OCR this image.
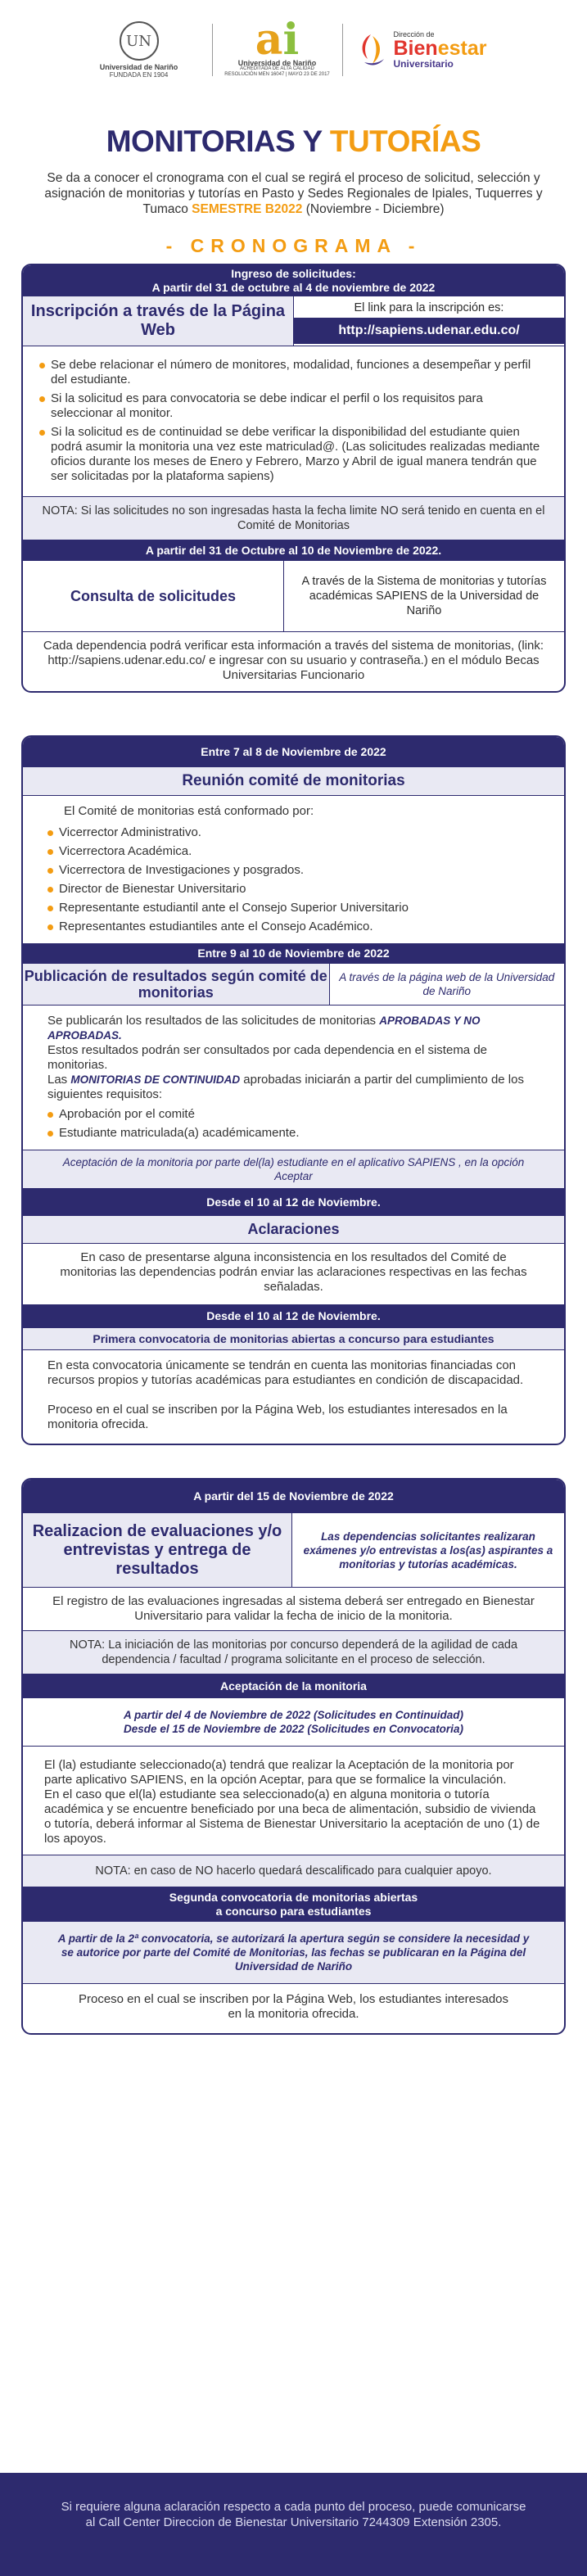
UN
Universidad de Nariño
FUNDADA EN 1904
ai
Universidad de Nariño
ACREDITADA DE ALTA CALIDAD
RESOLUCIÓN MEN 16047 | MAYO 23 DE 2017
Dirección de
Bienestar
Universitario
MONITORIAS Y TUTORÍAS
Se da a conocer el cronograma con el cual se regirá el proceso de solicitud, selección y asignación de monitorias y tutorías en Pasto y Sedes Regionales de Ipiales, Tuquerres y Tumaco SEMESTRE B2022 (Noviembre - Diciembre)
- CRONOGRAMA -
Ingreso de solicitudes:
A partir del 31 de octubre al 4 de noviembre de 2022
Inscripción a través de la Página Web
El link para la inscripción es:
http://sapiens.udenar.edu.co/
Se debe relacionar el número de monitores, modalidad, funciones a desempeñar y perfil del estudiante.
Si la solicitud es para convocatoria se debe indicar el perfil o los requisitos para seleccionar al monitor.
Si la solicitud es de continuidad se debe verificar la disponibilidad del estudiante quien podrá asumir la monitoria una vez este matriculad@. (Las solicitudes realizadas mediante oficios durante los meses de Enero y Febrero, Marzo y Abril de igual manera tendrán que ser solicitadas por la plataforma sapiens)
NOTA: Si las solicitudes no son ingresadas hasta la fecha limite NO será tenido en cuenta en el Comité de Monitorias
A partir del 31 de Octubre al 10 de Noviembre de 2022.
Consulta de solicitudes
A través de la Sistema de monitorias y tutorías académicas SAPIENS de la Universidad de Nariño
Cada dependencia podrá verificar esta información a través del sistema de monitorias, (link: http://sapiens.udenar.edu.co/ e ingresar con su usuario y contraseña.) en el módulo Becas Universitarias Funcionario
Entre 7 al 8 de Noviembre de 2022
Reunión comité de monitorias

El Comité de monitorias está conformado por:

Vicerrector Administrativo.
Vicerrectora Académica.
Vicerrectora de Investigaciones y posgrados.
Director de Bienestar Universitario
Representante estudiantil ante el Consejo Superior Universitario
Representantes estudiantiles ante el Consejo Académico.
Entre 9 al 10 de Noviembre de 2022
Publicación de resultados según comité de monitorias
A través de la página web de la Universidad de Nariño

Se publicarán los resultados de las solicitudes de monitorias APROBADAS Y NO APROBADAS.

Estos resultados podrán ser consultados por cada dependencia en el sistema de monitorias.

Las MONITORIAS DE CONTINUIDAD aprobadas iniciarán a partir del cumplimiento de los siguientes requisitos:

Aprobación por el comité
Estudiante matriculada(a) académicamente.
Aceptación de la monitoria por parte del(la) estudiante en el aplicativo SAPIENS , en la opción Aceptar
Desde el 10 al 12 de Noviembre.
Aclaraciones
En caso de presentarse alguna inconsistencia en los resultados del Comité de monitorias las dependencias podrán enviar las aclaraciones respectivas en las fechas señaladas.
Desde el 10 al 12 de Noviembre.
Primera convocatoria de monitorias abiertas a concurso para estudiantes

En esta convocatoria únicamente se tendrán en cuenta las monitorias financiadas con recursos propios y tutorías académicas para estudiantes en condición de discapacidad.

Proceso en el cual se inscriben por la Página Web, los estudiantes interesados en la monitoria ofrecida.

A partir del 15 de Noviembre de 2022
Realizacion de evaluaciones y/o entrevistas y entrega de resultados
Las dependencias solicitantes realizaran exámenes y/o entrevistas a los(as) aspirantes a monitorias y tutorías académicas.
El registro de las evaluaciones ingresadas al sistema deberá ser entregado en Bienestar Universitario para validar la fecha de inicio de la monitoria.
NOTA: La iniciación de las monitorias por concurso dependerá de la agilidad de cada dependencia / facultad / programa solicitante en el proceso de selección.
Aceptación de la monitoria
A partir del 4 de Noviembre de 2022 (Solicitudes en Continuidad)
Desde el 15 de Noviembre de 2022 (Solicitudes en Convocatoria)

El (la) estudiante seleccionado(a) tendrá que realizar la Aceptación de la monitoria por parte aplicativo SAPIENS, en la opción Aceptar, para que se formalice la vinculación.

En el caso que el(la) estudiante sea seleccionado(a) en alguna monitoria o tutoría académica y se encuentre beneficiado por una beca de alimentación, subsidio de vivienda o tutoría, deberá informar al Sistema de Bienestar Universitario la aceptación de uno (1) de los apoyos.

NOTA: en caso de NO hacerlo quedará descalificado para cualquier apoyo.
Segunda convocatoria de monitorias abiertas
a concurso para estudiantes
A partir de la 2ª convocatoria, se autorizará la apertura según se considere la necesidad y se autorice por parte del Comité de Monitorias, las fechas se publicaran en la Página del Universidad de Nariño
Proceso en el cual se inscriben por la Página Web, los estudiantes interesados en la monitoria ofrecida.
Si requiere alguna aclaración respecto a cada punto del proceso, puede comunicarse al Call Center Direccion de Bienestar Universitario 7244309 Extensión 2305.
